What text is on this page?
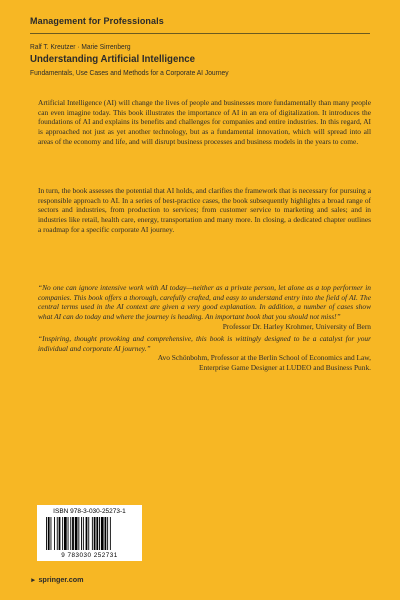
Management for Professionals
Ralf T. Kreutzer · Marie Sirrenberg
Understanding Artificial Intelligence
Fundamentals, Use Cases and Methods for a Corporate AI Journey
Artificial Intelligence (AI) will change the lives of people and businesses more fundamentally than many people can even imagine today. This book illustrates the importance of AI in an era of digitalization. It introduces the foundations of AI and explains its benefits and challenges for companies and entire industries. In this regard, AI is approached not just as yet another technology, but as a fundamental innovation, which will spread into all areas of the economy and life, and will disrupt business processes and business models in the years to come.
In turn, the book assesses the potential that AI holds, and clarifies the framework that is necessary for pursuing a responsible approach to AI. In a series of best-practice cases, the book subsequently highlights a broad range of sectors and industries, from production to services; from customer service to marketing and sales; and in industries like retail, health care, energy, transportation and many more. In closing, a dedicated chapter outlines a roadmap for a specific corporate AI journey.
“No one can ignore intensive work with AI today—neither as a private person, let alone as a top performer in companies. This book offers a thorough, carefully crafted, and easy to understand entry into the field of AI. The central terms used in the AI context are given a very good explanation. In addition, a number of cases show what AI can do today and where the journey is heading. An important book that you should not miss!”
Professor Dr. Harley Krohmer, University of Bern
“Inspiring, thought provoking and comprehensive, this book is wittingly designed to be a catalyst for your individual and corporate AI journey.”
Avo Schönbohm, Professor at the Berlin School of Economics and Law,
Enterprise Game Designer at LUDEO and Business Punk.
ISBN 978-3-030-25273-1
9 783030 252731
► springer.com
